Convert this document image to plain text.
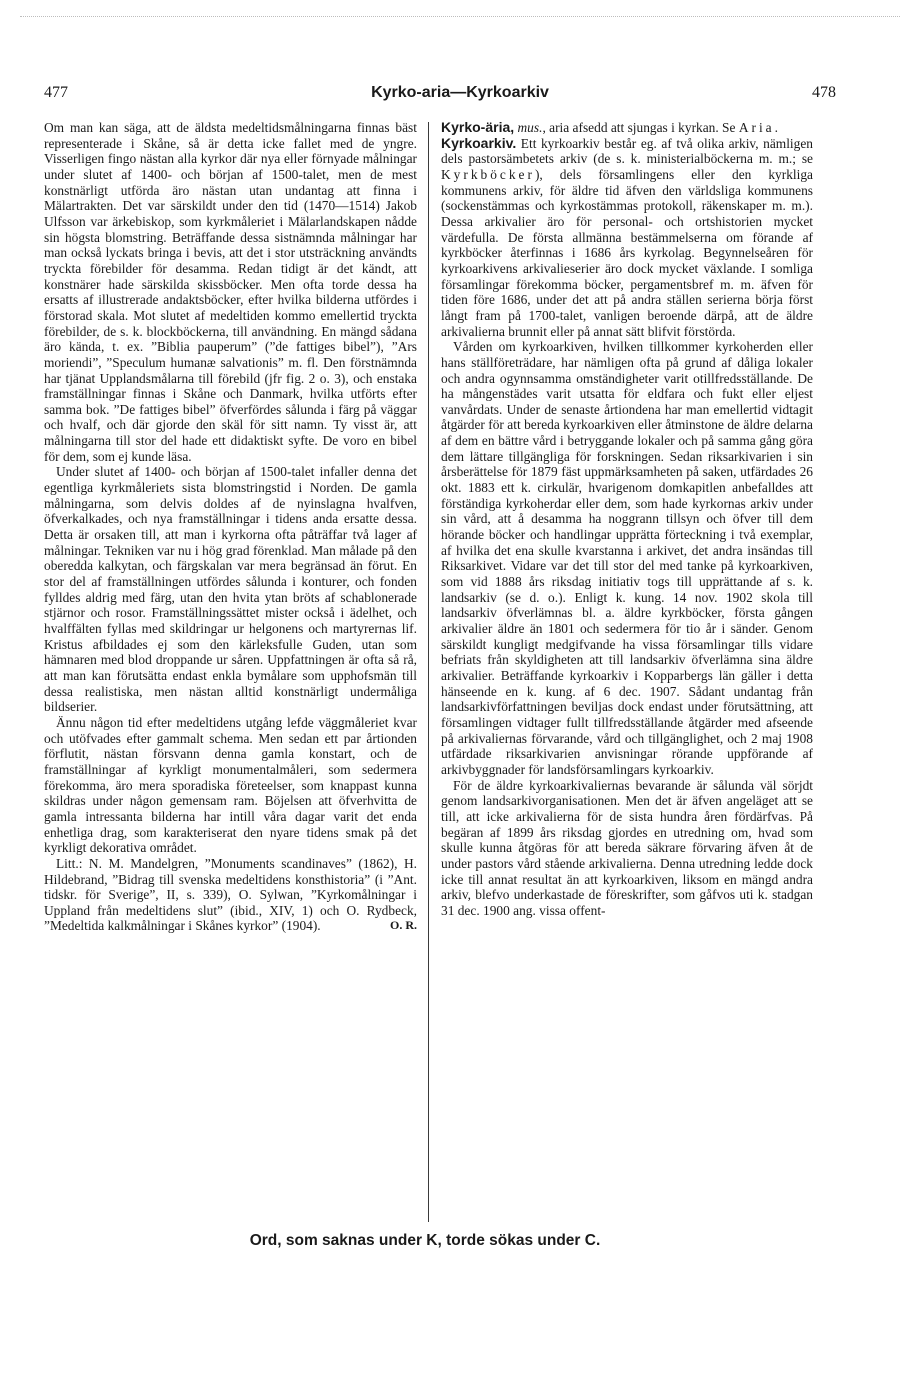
477	Kyrko-aria—Kyrkoarkiv	478

Om man kan säga, att de äldsta medeltidsmålningarna finnas bäst representerade i Skåne, så är detta icke fallet med de yngre. Visserligen fingo nästan alla kyrkor där nya eller förnyade målningar under slutet af 1400- och början af 1500-talet, men de mest konstnärligt utförda äro nästan utan undantag att finna i Mälartrakten. Det var särskildt under den tid (1470—1514) Jakob Ulfsson var ärkebiskop, som kyrkmåleriet i Mälarlandskapen nådde sin högsta blomstring. Beträffande dessa sistnämnda målningar har man också lyckats bringa i bevis, att det i stor utsträckning användts tryckta förebilder för desamma. Redan tidigt är det kändt, att konstnärer hade särskilda skissböcker. Men ofta torde dessa ha ersatts af illustrerade andaktsböcker, efter hvilka bilderna utfördes i förstorad skala. Mot slutet af medeltiden kommo emellertid tryckta förebilder, de s. k. blockböckerna, till användning. En mängd sådana äro kända, t. ex. ”Biblia pauperum” (”de fattiges bibel”), ”Ars moriendi”, ”Speculum humanæ salvationis” m. fl. Den förstnämnda har tjänat Upplandsmålarna till förebild (jfr fig. 2 o. 3), och enstaka framställningar finnas i Skåne och Danmark, hvilka utförts efter samma bok. ”De fattiges bibel” öfverfördes sålunda i färg på väggar och hvalf, och där gjorde den skäl för sitt namn. Ty visst är, att målningarna till stor del hade ett didaktiskt syfte. De voro en bibel för dem, som ej kunde läsa.

Under slutet af 1400- och början af 1500-talet infaller denna det egentliga kyrkmåleriets sista blomstringstid i Norden. De gamla målningarna, som delvis doldes af de nyinslagna hvalfven, öfverkalkades, och nya framställningar i tidens anda ersatte dessa. Detta är orsaken till, att man i kyrkorna ofta påträffar två lager af målningar. Tekniken var nu i hög grad förenklad. Man målade på den oberedda kalkytan, och färgskalan var mera begränsad än förut. En stor del af framställningen utfördes sålunda i konturer, och fonden fylldes aldrig med färg, utan den hvita ytan bröts af schablonerade stjärnor och rosor. Framställningssättet mister också i ädelhet, och hvalffälten fyllas med skildringar ur helgonens och martyrernas lif. Kristus afbildades ej som den kärleksfulle Guden, utan som hämnaren med blod droppande ur såren. Uppfattningen är ofta så rå, att man kan förutsätta endast enkla bymålare som upphofsmän till dessa realistiska, men nästan alltid konstnärligt undermåliga bildserier.

Ännu någon tid efter medeltidens utgång lefde väggmåleriet kvar och utöfvades efter gammalt schema. Men sedan ett par årtionden förflutit, nästan försvann denna gamla konstart, och de framställningar af kyrkligt monumentalmåleri, som sedermera förekomma, äro mera sporadiska företeelser, som knappast kunna skildras under någon gemensam ram. Böjelsen att öfverhvitta de gamla intressanta bilderna har intill våra dagar varit det enda enhetliga drag, som karakteriserat den nyare tidens smak på det kyrkligt dekorativa området.

Litt.: N. M. Mandelgren, ”Monuments scandinaves” (1862), H. Hildebrand, ”Bidrag till svenska medeltidens konsthistoria” (i ”Ant. tidskr. för Sverige”, II, s. 339), O. Sylwan, ”Kyrkomålningar i Uppland från medeltidens slut” (ibid., XIV, 1) och O. Rydbeck, ”Medeltida kalkmålningar i Skånes kyrkor” (1904).	O. R.

Kyrko-äria, mus., aria afsedd att sjungas i kyrkan. Se Aria.

Kyrkoarkiv. Ett kyrkoarkiv består eg. af två olika arkiv, nämligen dels pastorsämbetets arkiv (de s. k. ministerialböckerna m. m.; se Kyrkböcker), dels församlingens eller den kyrkliga kommunens arkiv, för äldre tid äfven den världsliga kommunens (sockenstämmas och kyrkostämmas protokoll, räkenskaper m. m.). Dessa arkivalier äro för personal- och ortshistorien mycket värdefulla. De första allmänna bestämmelserna om förande af kyrkböcker återfinnas i 1686 års kyrkolag. Begynnelseåren för kyrkoarkivens arkivalieserier äro dock mycket växlande. I somliga församlingar förekomma böcker, pergamentsbref m. m. äfven för tiden före 1686, under det att på andra ställen serierna börja först långt fram på 1700-talet, vanligen beroende därpå, att de äldre arkivalierna brunnit eller på annat sätt blifvit förstörda.

Vården om kyrkoarkiven, hvilken tillkommer kyrkoherden eller hans ställföreträdare, har nämligen ofta på grund af dåliga lokaler och andra ogynnsamma omständigheter varit otillfredsställande. De ha mångenstädes varit utsatta för eldfara och fukt eller eljest vanvårdats. Under de senaste årtiondena har man emellertid vidtagit åtgärder för att bereda kyrkoarkiven eller åtminstone de äldre delarna af dem en bättre vård i betryggande lokaler och på samma gång göra dem lättare tillgängliga för forskningen. Sedan riksarkivarien i sin årsberättelse för 1879 fäst uppmärksamheten på saken, utfärdades 26 okt. 1883 ett k. cirkulär, hvarigenom domkapitlen anbefalldes att förständiga kyrkoherdar eller dem, som hade kyrkornas arkiv under sin vård, att å desamma ha noggrann tillsyn och öfver till dem hörande böcker och handlingar upprätta förteckning i två exemplar, af hvilka det ena skulle kvarstanna i arkivet, det andra insändas till Riksarkivet. Vidare var det till stor del med tanke på kyrkoarkiven, som vid 1888 års riksdag initiativ togs till upprättande af s. k. landsarkiv (se d. o.). Enligt k. kung. 14 nov. 1902 skola till landsarkiv öfverlämnas bl. a. äldre kyrkböcker, första gången arkivalier äldre än 1801 och sedermera för tio år i sänder. Genom särskildt kungligt medgifvande ha vissa församlingar tills vidare befriats från skyldigheten att till landsarkiv öfverlämna sina äldre arkivalier. Beträffande kyrkoarkiv i Kopparbergs län gäller i detta hänseende en k. kung. af 6 dec. 1907. Sådant undantag från landsarkivförfattningen beviljas dock endast under förutsättning, att församlingen vidtager fullt tillfredsställande åtgärder med afseende på arkivaliernas förvarande, vård och tillgänglighet, och 2 maj 1908 utfärdade riksarkivarien anvisningar rörande uppförande af arkivbyggnader för landsförsamlingars kyrkoarkiv.

För de äldre kyrkoarkivaliernas bevarande är sålunda väl sörjdt genom landsarkivorganisationen. Men det är äfven angeläget att se till, att icke arkivalierna för de sista hundra åren fördärfvas. På begäran af 1899 års riksdag gjordes en utredning om, hvad som skulle kunna åtgöras för att bereda säkrare förvaring äfven åt de under pastors vård stående arkivalierna. Denna utredning ledde dock icke till annat resultat än att kyrkoarkiven, liksom en mängd andra arkiv, blefvo underkastade de föreskrifter, som gåfvos uti k. stadgan 31 dec. 1900 ang. vissa offent-

Ord, som saknas under K, torde sökas under C.
